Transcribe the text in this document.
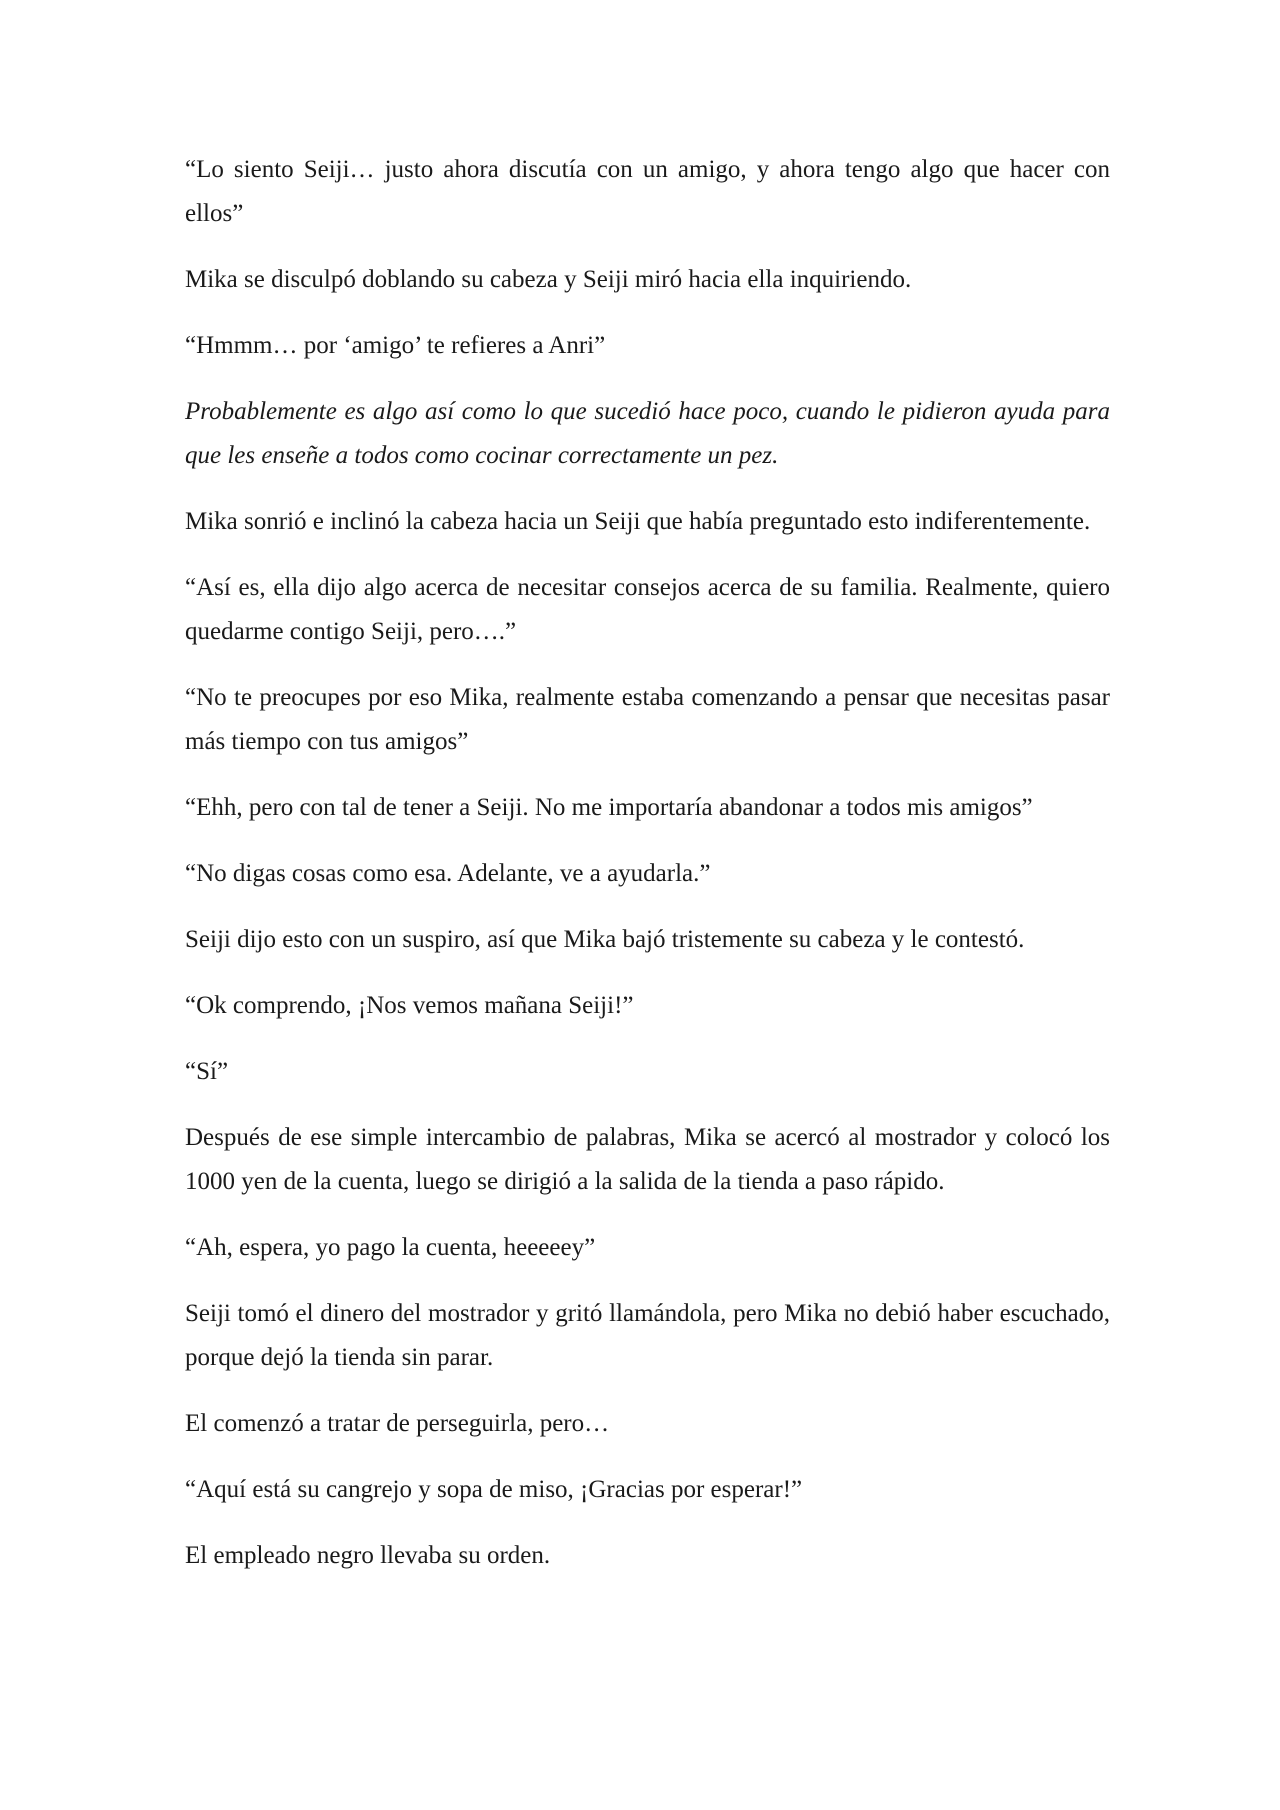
“Lo siento Seiji… justo ahora discutía con un amigo, y ahora tengo algo que hacer con ellos”

Mika se disculpó doblando su cabeza y Seiji miró hacia ella inquiriendo.

“Hmmm… por ‘amigo’ te refieres a Anri”

Probablemente es algo así como lo que sucedió hace poco, cuando le pidieron ayuda para que les enseñe a todos como cocinar correctamente un pez.

Mika sonrió e inclinó la cabeza hacia un Seiji que había preguntado esto indiferentemente.

“Así es, ella dijo algo acerca de necesitar consejos acerca de su familia. Realmente, quiero quedarme contigo Seiji, pero….”

“No te preocupes por eso Mika, realmente estaba comenzando a pensar que necesitas pasar más tiempo con tus amigos”

“Ehh, pero con tal de tener a Seiji. No me importaría abandonar a todos mis amigos”

“No digas cosas como esa. Adelante, ve a ayudarla.”

Seiji dijo esto con un suspiro, así que Mika bajó tristemente su cabeza y le contestó.

“Ok comprendo, ¡Nos vemos mañana Seiji!”

“Sí”

Después de ese simple intercambio de palabras, Mika se acercó al mostrador y colocó los 1000 yen de la cuenta, luego se dirigió a la salida de la tienda a paso rápido.

“Ah, espera, yo pago la cuenta, heeeeey”

Seiji tomó el dinero del mostrador y gritó llamándola, pero Mika no debió haber escuchado, porque dejó la tienda sin parar.

El comenzó a tratar de perseguirla, pero…

“Aquí está su cangrejo y sopa de miso, ¡Gracias por esperar!”

El empleado negro llevaba su orden.
